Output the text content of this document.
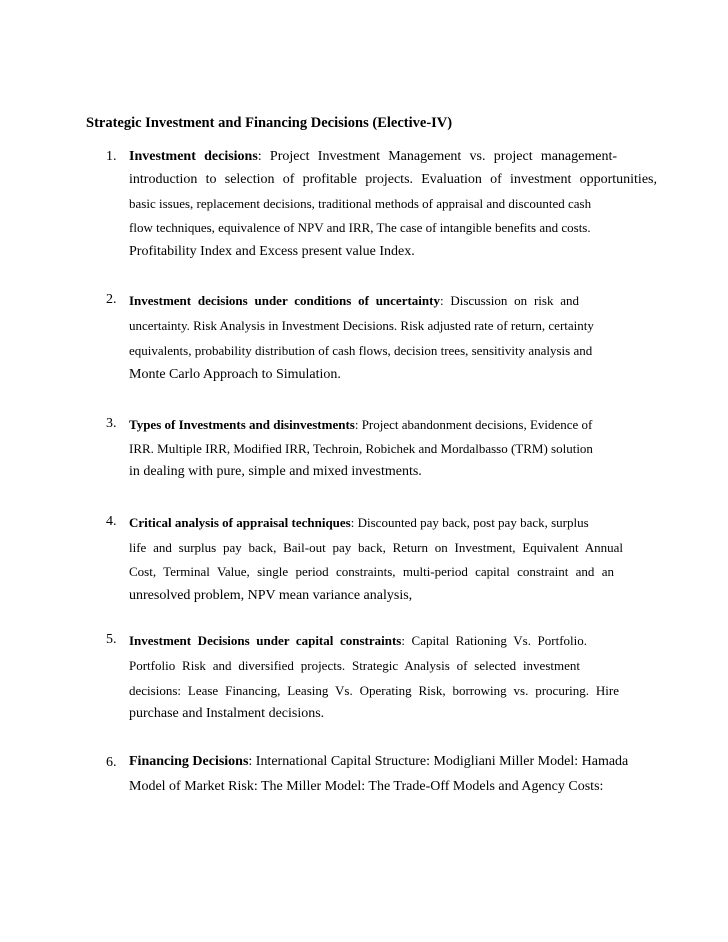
Strategic Investment and Financing Decisions (Elective-IV)
1. Investment decisions: Project Investment Management vs. project management-
introduction to selection of profitable projects. Evaluation of investment opportunities,
basic issues, replacement decisions, traditional methods of appraisal and discounted cash
flow techniques, equivalence of NPV and IRR, The case of intangible benefits and costs.
Profitability Index and Excess present value Index.
2. Investment decisions under conditions of uncertainty: Discussion on risk and
uncertainty. Risk Analysis in Investment Decisions. Risk adjusted rate of return, certainty
equivalents, probability distribution of cash flows, decision trees, sensitivity analysis and
Monte Carlo Approach to Simulation.
3. Types of Investments and disinvestments: Project abandonment decisions, Evidence of
IRR. Multiple IRR, Modified IRR, Techroin, Robichek and Mordalbasso (TRM) solution
in dealing with pure, simple and mixed investments.
4. Critical analysis of appraisal techniques: Discounted pay back, post pay back, surplus
life and surplus pay back, Bail-out pay back, Return on Investment, Equivalent Annual
Cost, Terminal Value, single period constraints, multi-period capital constraint and an
unresolved problem, NPV mean variance analysis,
5. Investment Decisions under capital constraints: Capital Rationing Vs. Portfolio.
Portfolio Risk and diversified projects. Strategic Analysis of selected investment
decisions: Lease Financing, Leasing Vs. Operating Risk, borrowing vs. procuring. Hire
purchase and Instalment decisions.
6. Financing Decisions: International Capital Structure: Modigliani Miller Model: Hamada
Model of Market Risk: The Miller Model: The Trade-Off Models and Agency Costs:
